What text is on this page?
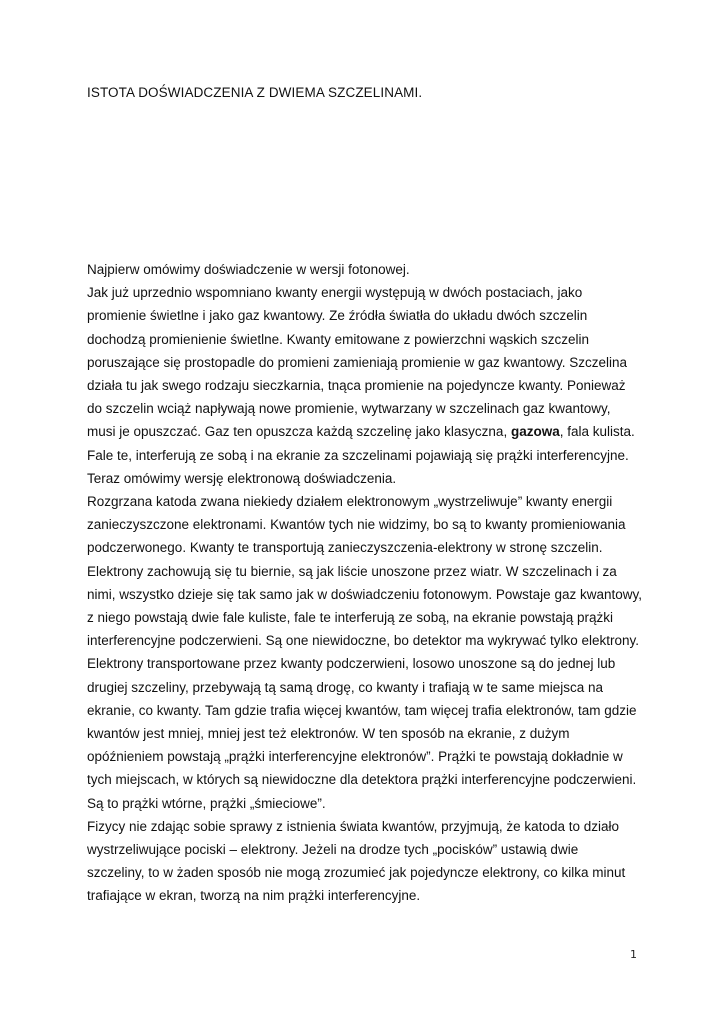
ISTOTA DOŚWIADCZENIA Z DWIEMA SZCZELINAMI.
Najpierw omówimy doświadczenie w wersji fotonowej.
Jak już uprzednio wspomniano kwanty energii występują w dwóch postaciach, jako
promienie świetlne i jako gaz kwantowy. Ze źródła światła do układu dwóch szczelin
dochodzą promienienie świetlne. Kwanty emitowane z powierzchni wąskich szczelin
poruszające się prostopadle do promieni zamieniają promienie w gaz kwantowy. Szczelina
działa tu jak swego rodzaju sieczkarnia, tnąca promienie na pojedyncze kwanty. Ponieważ
do szczelin wciąż napływają nowe promienie, wytwarzany w szczelinach gaz kwantowy,
musi je opuszczać. Gaz ten opuszcza każdą szczelinę jako klasyczna, gazowa, fala kulista.
Fale te, interferują ze sobą i na ekranie za szczelinami pojawiają się prążki interferencyjne.
Teraz omówimy wersję elektronową doświadczenia.
Rozgrzana katoda zwana niekiedy działem elektronowym „wystrzeliwuje” kwanty energii
zanieczyszczone elektronami. Kwantów tych nie widzimy, bo są to kwanty promieniowania
podczerwonego. Kwanty te transportują zanieczyszczenia-elektrony w stronę szczelin.
Elektrony zachowują się tu biernie, są jak liście unoszone przez wiatr. W szczelinach i za
nimi, wszystko dzieje się tak samo jak w doświadczeniu fotonowym. Powstaje gaz kwantowy,
z niego powstają dwie fale kuliste, fale te interferują ze sobą, na ekranie powstają prążki
interferencyjne podczerwieni. Są one niewidoczne, bo detektor ma wykrywać tylko elektrony.
Elektrony transportowane przez kwanty podczerwieni, losowo unoszone są do jednej lub
drugiej szczeliny, przebywają tą samą drogę, co kwanty i trafiają w te same miejsca na
ekranie, co kwanty. Tam gdzie trafia więcej kwantów, tam więcej trafia elektronów, tam gdzie
kwantów jest mniej, mniej jest też elektronów. W ten sposób na ekranie, z dużym
opóźnieniem powstają „prążki interferencyjne elektronów”. Prążki te powstają dokładnie w
tych miejscach, w których są niewidoczne dla detektora prążki interferencyjne podczerwieni.
Są to prążki wtórne, prążki „śmieciowe”.
Fizycy nie zdając sobie sprawy z istnienia świata kwantów, przyjmują, że katoda to działo
wystrzeliwujące pociski – elektrony. Jeżeli na drodze tych „pocisków” ustawią dwie
szczeliny, to w żaden sposób nie mogą zrozumieć jak pojedyncze elektrony, co kilka minut
trafiające w ekran, tworzą na nim prążki interferencyjne.
1
